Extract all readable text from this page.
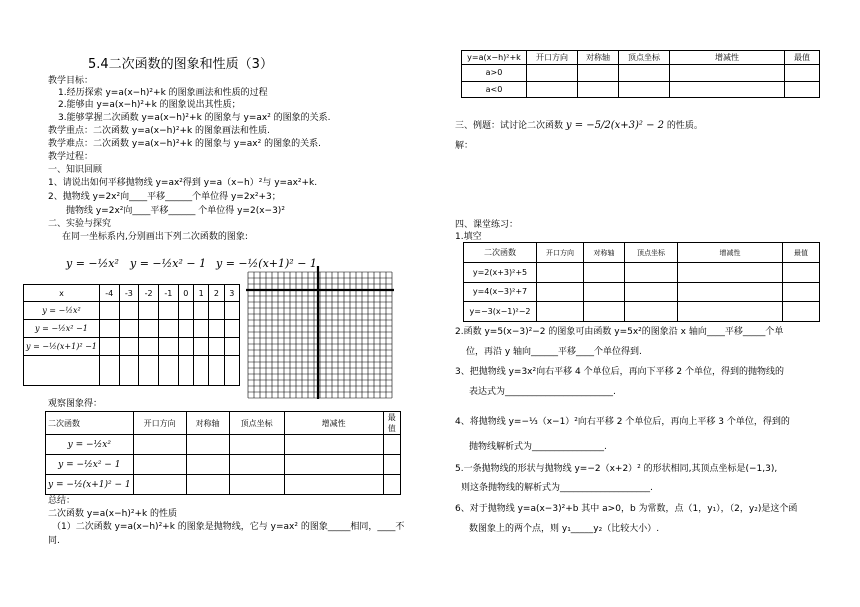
5.4二次函数的图象和性质（3）
教学目标：
1.经历探索 y=a(x−h)²+k 的图象画法和性质的过程
2.能够由 y=a(x−h)²+k 的图象说出其性质；
3.能够掌握二次函数 y=a(x−h)²+k 的图象与 y=ax² 的图象的关系.
教学重点：二次函数 y=a(x−h)²+k 的图象画法和性质.
教学难点：二次函数 y=a(x−h)²+k 的图象与 y=ax² 的图象的关系.
教学过程：
一、知识回顾
1、请说出如何平移抛物线 y=ax²得到 y=a（x−h）²与 y=ax²+k.
2、抛物线 y=2x²向____平移______个单位得 y=2x²+3；
抛物线 y=2x²向____平移______ 个单位得 y=2(x−3)²
二、实验与探究
在同一坐标系内,分别画出下列二次函数的图象:
y = −½x² y = −½x² − 1 y = −½(x+1)² − 1
x	-4	-3	-2	-1	0	1	2	3
y = −½x²								
y = −½x² −1								
y = −½(x+1)² −1								

观察图象得：
二次函数	开口方向	对称轴	顶点坐标	增减性	最值
y = −½x²					
y = −½x² − 1					
y = −½(x+1)² − 1					
总结：
二次函数 y=a(x−h)²+k 的性质
（1）二次函数 y=a(x−h)²+k 的图象是抛物线，它与 y=ax² 的图象_____相同，____不
同.
y=a(x−h)²+k	开口方向	对称轴	顶点坐标	增减性	最值
a>0					
a<0					
三、例题：试讨论二次函数 y = −5/2(x+3)² − 2 的性质。
解：
四、课堂练习：
1.填空
二次函数	开口方向	对称轴	顶点坐标	增减性	最值
y=2(x+3)²+5					
y=4(x−3)²+7					
y=−3(x−1)²−2					
2.函数 y=5(x−3)²−2 的图象可由函数 y=5x²的图象沿 x 轴向____平移_____个单
位，再沿 y 轴向______平移____个单位得到.
3、把抛物线 y=3x²向右平移 4 个单位后，再向下平移 2 个单位，得到的抛物线的
表达式为________________________.
4、将抛物线 y=−⅓（x−1）²向右平移 2 个单位后，再向上平移 3 个单位，得到的
抛物线解析式为________________.
5.一条抛物线的形状与抛物线 y=−2（x+2）² 的形状相同,其顶点坐标是(−1,3),
则这条抛物线的解析式为____________________.
6、对于抛物线 y=a(x−3)²+b 其中 a>0，b 为常数，点（1，y₁），（2，y₂)是这个函
数图象上的两个点，则 y₁_____y₂（比较大小）.
